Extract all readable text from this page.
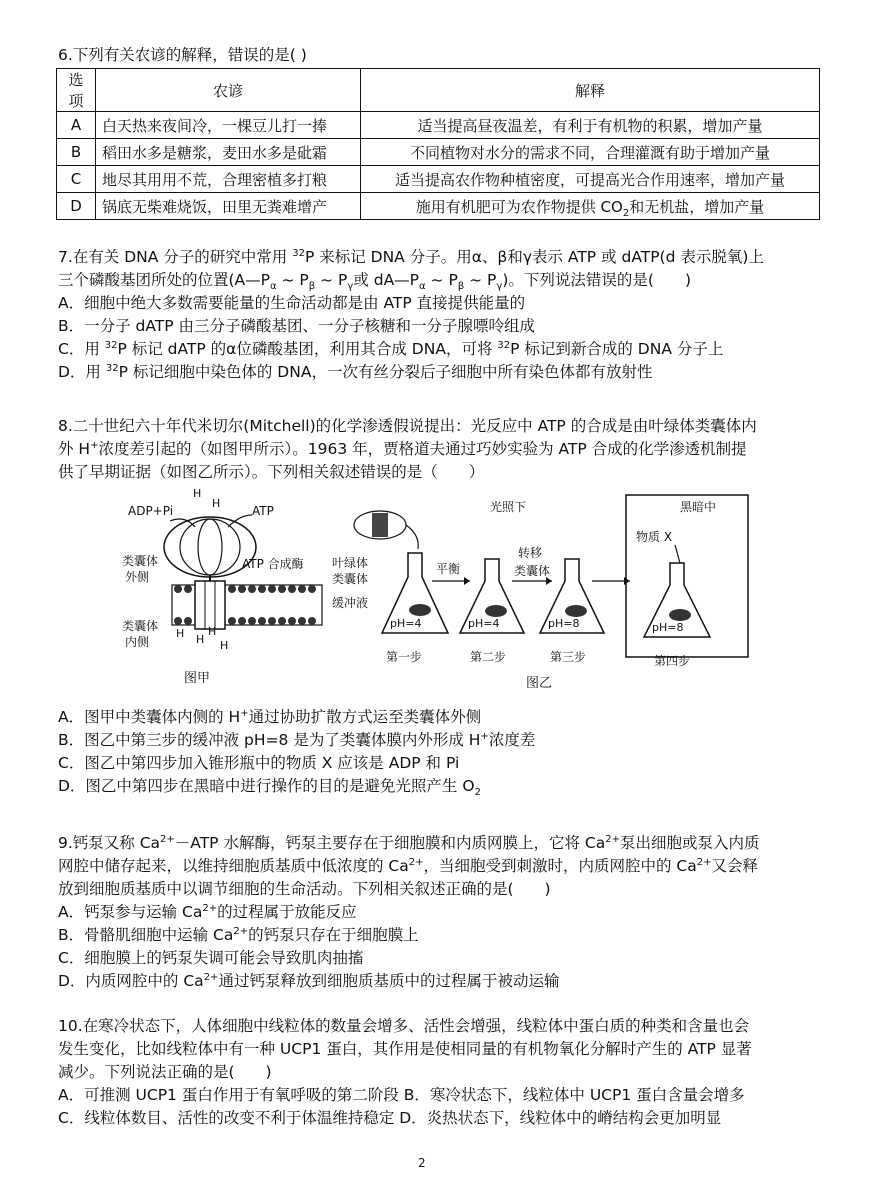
6.下列有关农谚的解释，错误的是( )

选项	农谚	解释
A	白天热来夜间冷，一棵豆儿打一捧	适当提高昼夜温差，有利于有机物的积累，增加产量
B	稻田水多是糖浆，麦田水多是砒霜	不同植物对水分的需求不同，合理灌溉有助于增加产量
C	地尽其用用不荒，合理密植多打粮	适当提高农作物种植密度，可提高光合作用速率，增加产量
D	锅底无柴难烧饭，田里无粪难增产	施用有机肥可为农作物提供 $CO_2$和无机盐，增加产量

7.在有关 DNA 分子的研究中常用 $^{32}$P 来标记 DNA 分子。用α、β和γ表示 ATP 或 dATP(d 表示脱氧)上

三个磷酸基团所处的位置($A—P_\alpha$ ~ $P_\beta$ ~ $P_\gamma$或 $dA—P_\alpha$ ~ $P_\beta$ ~ $P_\gamma$)。下列说法错误的是(　　)

A．细胞中绝大多数需要能量的生命活动都是由 ATP 直接提供能量的

B．一分子 dATP 由三分子磷酸基团、一分子核糖和一分子腺嘌呤组成

C．用 $^{32}$P 标记 dATP 的α位磷酸基团，利用其合成 DNA，可将 $^{32}$P 标记到新合成的 DNA 分子上

D．用 $^{32}$P 标记细胞中染色体的 DNA，一次有丝分裂后子细胞中所有染色体都有放射性

8.二十世纪六十年代米切尔(Mitchell)的化学渗透假说提出：光反应中 ATP 的合成是由叶绿体类囊体内

外 H+浓度差引起的（如图甲所示）。1963 年，贾格道夫通过巧妙实验为 ATP 合成的化学渗透机制提

供了早期证据（如图乙所示）。下列相关叙述错误的是（　　）

ADP+Pi	ATP
H
H
类囊体
外侧
ATP 合成酶
类囊体
内侧
H H
H
H
图甲
光照下	黑暗中
叶绿体
类囊体
缓冲液
pH=4	pH=4	pH=8	pH=8
平衡
转移
类囊体
物质 X
第一步	第二步	第三步	第四步
图乙

A．图甲中类囊体内侧的 H+通过协助扩散方式运至类囊体外侧

B．图乙中第三步的缓冲液 pH=8 是为了类囊体膜内外形成 H+浓度差

C．图乙中第四步加入锥形瓶中的物质 X 应该是 ADP 和 Pi

D．图乙中第四步在黑暗中进行操作的目的是避免光照产生 $O_2$

9.钙泵又称 $Ca^{2+}-ATP$ 水解酶，钙泵主要存在于细胞膜和内质网膜上，它将 $Ca^{2+}$泵出细胞或泵入内质

网腔中储存起来，以维持细胞质基质中低浓度的 $Ca^{2+}$，当细胞受到刺激时，内质网腔中的 $Ca^{2+}$又会释

放到细胞质基质中以调节细胞的生命活动。下列相关叙述正确的是(　　)

A．钙泵参与运输 $Ca^{2+}$的过程属于放能反应

B．骨骼肌细胞中运输 $Ca^{2+}$的钙泵只存在于细胞膜上

C．细胞膜上的钙泵失调可能会导致肌肉抽搐

D．内质网腔中的 $Ca^{2+}$通过钙泵释放到细胞质基质中的过程属于被动运输

10.在寒冷状态下，人体细胞中线粒体的数量会增多、活性会增强，线粒体中蛋白质的种类和含量也会

发生变化，比如线粒体中有一种 UCP1 蛋白，其作用是使相同量的有机物氧化分解时产生的 ATP 显著

减少。下列说法正确的是(　　)

A．可推测 UCP1 蛋白作用于有氧呼吸的第二阶段 B．寒冷状态下，线粒体中 UCP1 蛋白含量会增多

C．线粒体数目、活性的改变不利于体温维持稳定 D．炎热状态下，线粒体中的嵴结构会更加明显

2
